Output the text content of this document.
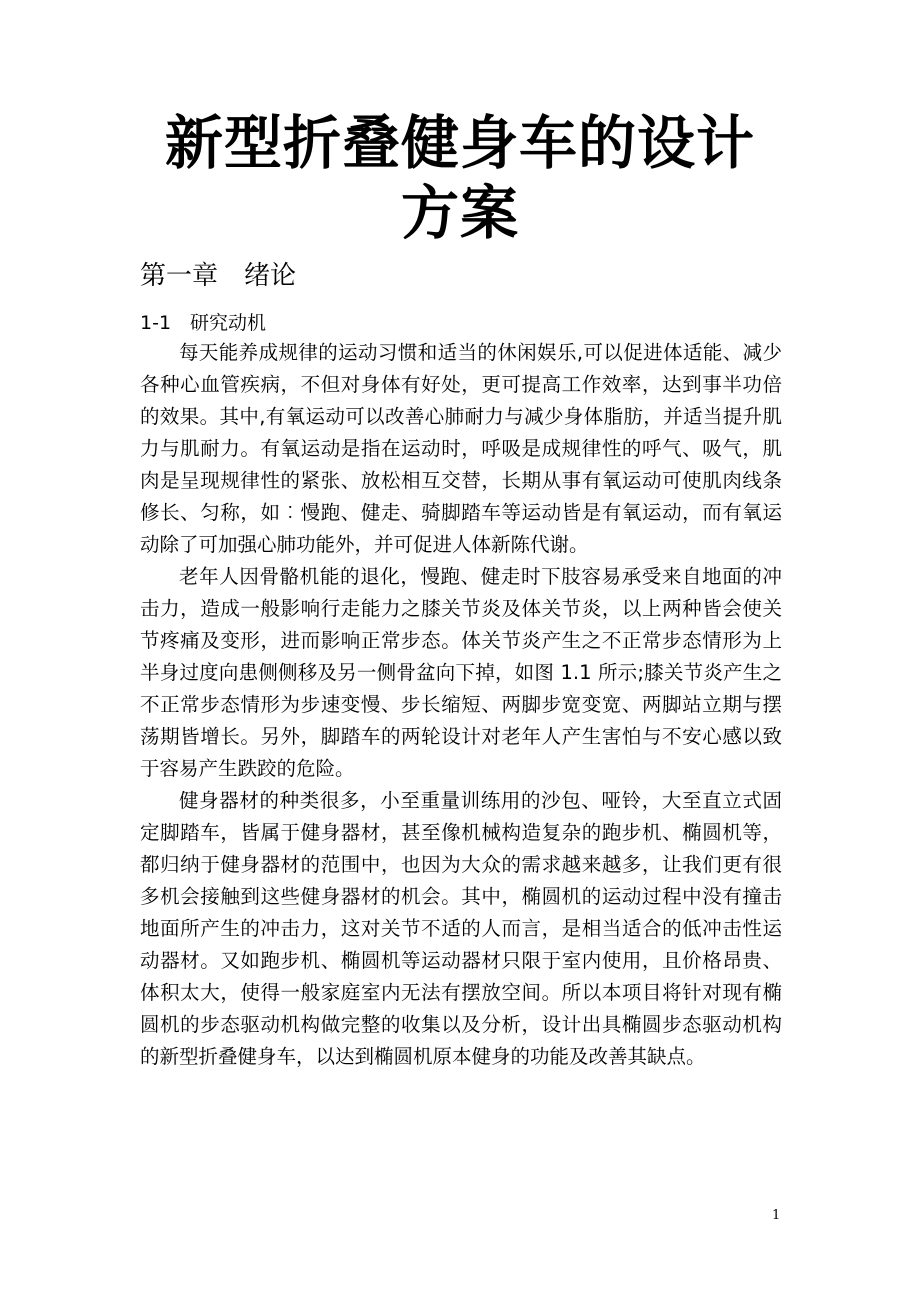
新型折叠健身车的设计方案
第一章　绪论
1-1　研究动机

每天能养成规律的运动习惯和适当的休闲娱乐,可以促进体适能、减少各种心血管疾病，不但对身体有好处，更可提高工作效率，达到事半功倍的效果。其中,有氧运动可以改善心肺耐力与减少身体脂肪，并适当提升肌力与肌耐力。有氧运动是指在运动时，呼吸是成规律性的呼气、吸气，肌肉是呈现规律性的紧张、放松相互交替，长期从事有氧运动可使肌肉线条修长、匀称，如︰慢跑、健走、骑脚踏车等运动皆是有氧运动，而有氧运动除了可加强心肺功能外，并可促进人体新陈代谢。

老年人因骨骼机能的退化，慢跑、健走时下肢容易承受来自地面的冲击力，造成一般影响行走能力之膝关节炎及体关节炎，以上两种皆会使关节疼痛及变形，进而影响正常步态。体关节炎产生之不正常步态情形为上半身过度向患侧侧移及另一侧骨盆向下掉，如图 1.1 所示;膝关节炎产生之不正常步态情形为步速变慢、步长缩短、两脚步宽变宽、两脚站立期与摆荡期皆增长。另外，脚踏车的两轮设计对老年人产生害怕与不安心感以致于容易产生跌跤的危险。

健身器材的种类很多，小至重量训练用的沙包、哑铃，大至直立式固定脚踏车，皆属于健身器材，甚至像机械构造复杂的跑步机、椭圆机等，都归纳于健身器材的范围中，也因为大众的需求越来越多，让我们更有很多机会接触到这些健身器材的机会。其中，椭圆机的运动过程中没有撞击地面所产生的冲击力，这对关节不适的人而言，是相当适合的低冲击性运动器材。又如跑步机、椭圆机等运动器材只限于室内使用，且价格昂贵、体积太大，使得一般家庭室内无法有摆放空间。所以本项目将针对现有椭圆机的步态驱动机构做完整的收集以及分析，设计出具椭圆步态驱动机构的新型折叠健身车，以达到椭圆机原本健身的功能及改善其缺点。

1
